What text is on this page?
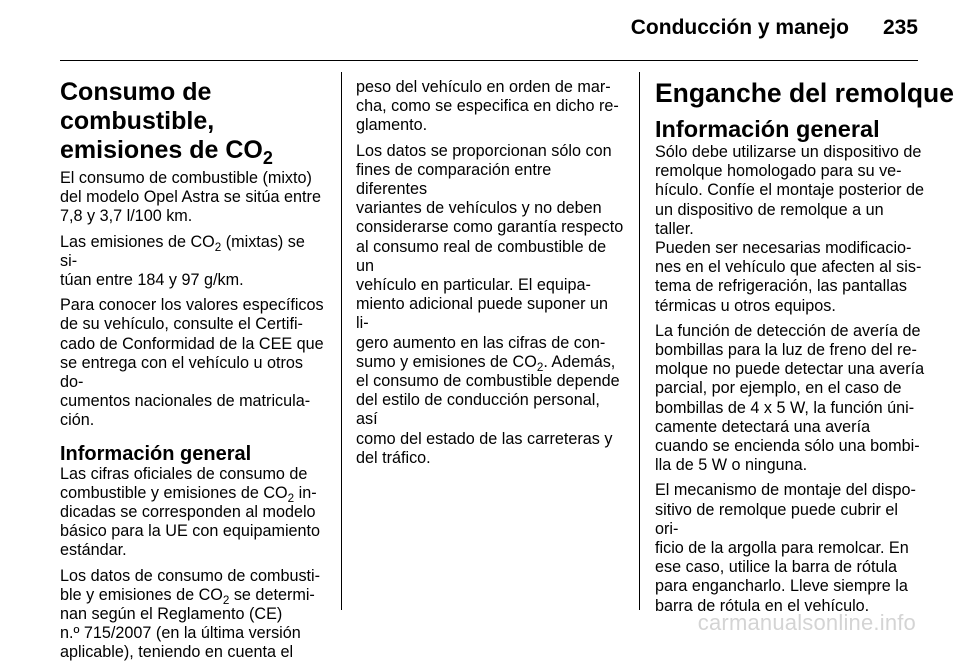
Conducción y manejo 235
Consumo de combustible,
emisiones de $CO_2$

El consumo de combustible (mixto)
del modelo Opel Astra se sitúa entre
7,8 y 3,7 l/100 km.

Las emisiones de $CO_2$ (mixtas) se si-
túan entre 184 y 97 g/km.

Para conocer los valores específicos
de su vehículo, consulte el Certifi-
cado de Conformidad de la CEE que
se entrega con el vehículo u otros do-
cumentos nacionales de matricula-
ción.

Información general

Las cifras oficiales de consumo de
combustible y emisiones de $CO_2$ in-
dicadas se corresponden al modelo
básico para la UE con equipamiento
estándar.

Los datos de consumo de combusti-
ble y emisiones de $CO_2$ se determi-
nan según el Reglamento (CE)
n.º 715/2007 (en la última versión
aplicable), teniendo en cuenta el

peso del vehículo en orden de mar-
cha, como se especifica en dicho re-
glamento.

Los datos se proporcionan sólo con
fines de comparación entre diferentes
variantes de vehículos y no deben
considerarse como garantía respecto
al consumo real de combustible de un
vehículo en particular. El equipa-
miento adicional puede suponer un li-
gero aumento en las cifras de con-
sumo y emisiones de $CO_2$. Además,
el consumo de combustible depende
del estilo de conducción personal, así
como del estado de las carreteras y
del tráfico.

Enganche del remolque
Información general

Sólo debe utilizarse un dispositivo de
remolque homologado para su ve-
hículo. Confíe el montaje posterior de
un dispositivo de remolque a un taller.
Pueden ser necesarias modificacio-
nes en el vehículo que afecten al sis-
tema de refrigeración, las pantallas
térmicas u otros equipos.

La función de detección de avería de
bombillas para la luz de freno del re-
molque no puede detectar una avería
parcial, por ejemplo, en el caso de
bombillas de 4 x 5 W, la función úni-
camente detectará una avería
cuando se encienda sólo una bombi-
lla de 5 W o ninguna.

El mecanismo de montaje del dispo-
sitivo de remolque puede cubrir el ori-
ficio de la argolla para remolcar. En
ese caso, utilice la barra de rótula
para engancharlo. Lleve siempre la
barra de rótula en el vehículo.

carmanualsonline.info
